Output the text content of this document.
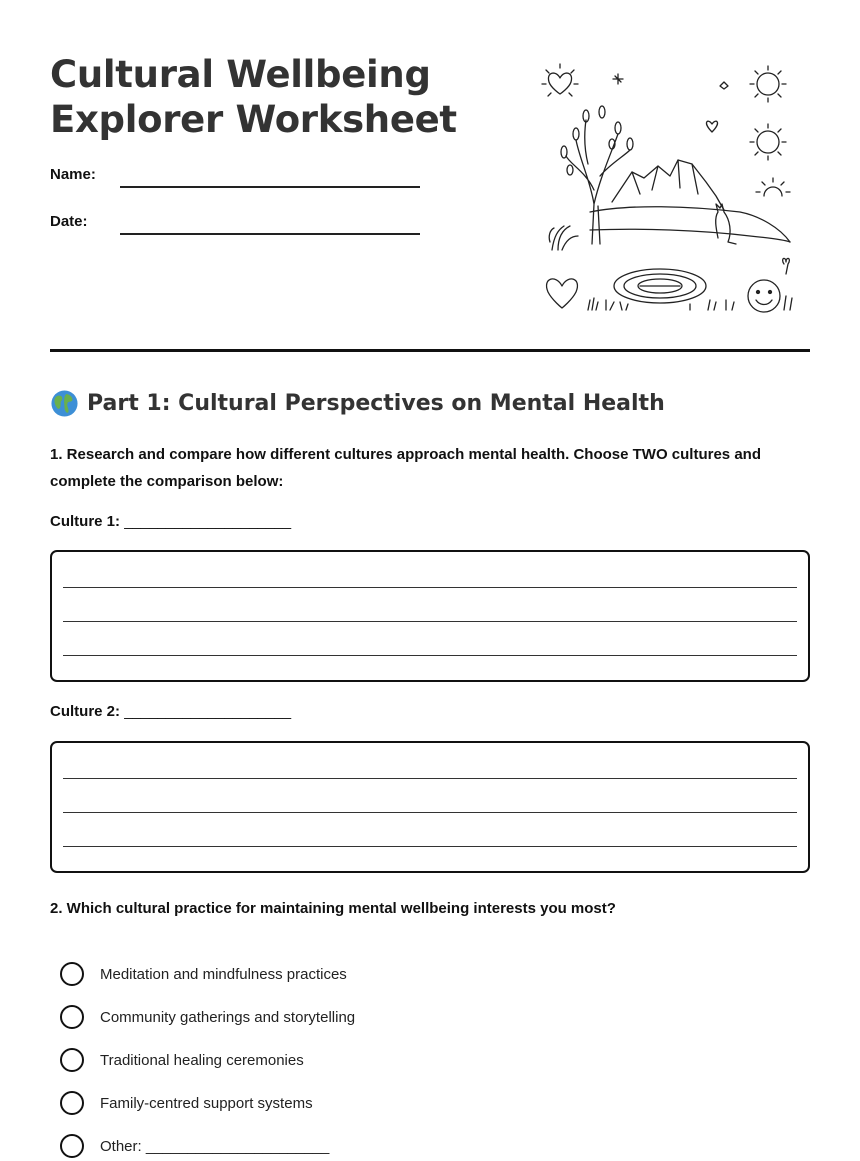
Cultural Wellbeing
Explorer Worksheet
Name:
Date:
Part 1: Cultural Perspectives on Mental Health
1. Research and compare how different cultures approach mental health. Choose TWO cultures and complete the comparison below:
Culture 1: ____________________
Culture 2: ____________________
2. Which cultural practice for maintaining mental wellbeing interests you most?
Meditation and mindfulness practices
Community gatherings and storytelling
Traditional healing ceremonies
Family-centred support systems
Other: ______________________
